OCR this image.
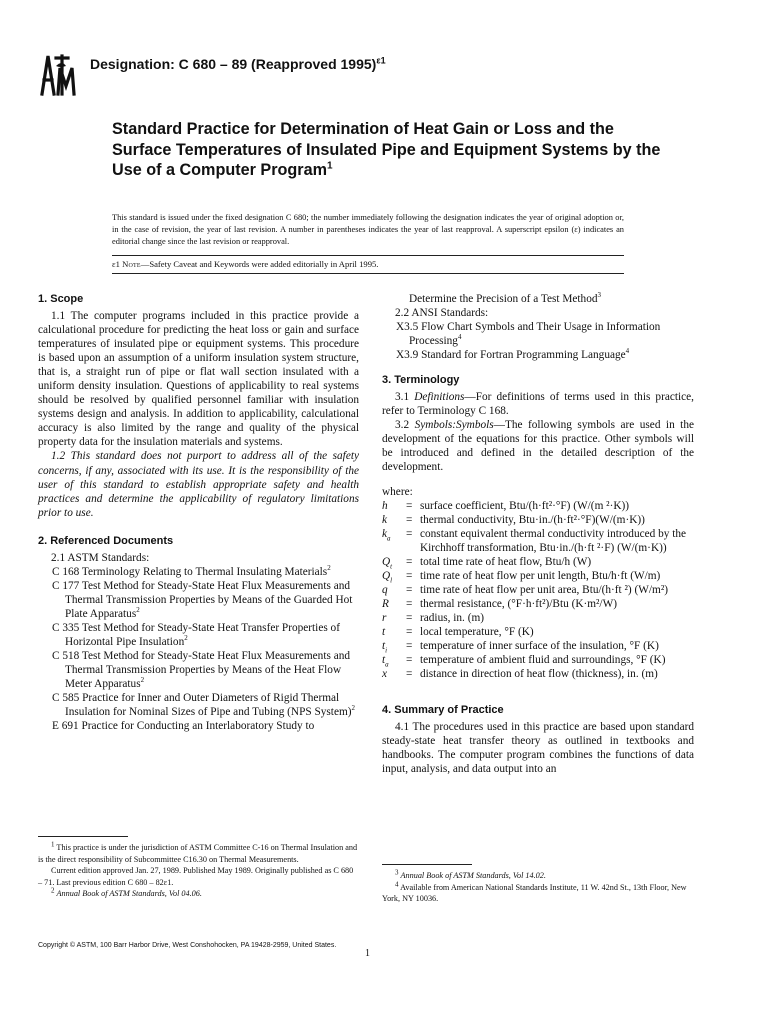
Designation: C 680 – 89 (Reapproved 1995)$^{\varepsilon 1}$
Standard Practice for Determination of Heat Gain or Loss and the Surface Temperatures of Insulated Pipe and Equipment Systems by the Use of a Computer Program$^1$
This standard is issued under the fixed designation C 680; the number immediately following the designation indicates the year of original adoption or, in the case of revision, the year of last revision. A number in parentheses indicates the year of last reapproval. A superscript epsilon (ε) indicates an editorial change since the last revision or reapproval.
ε1 Note—Safety Caveat and Keywords were added editorially in April 1995.
1. Scope

1.1 The computer programs included in this practice provide a calculational procedure for predicting the heat loss or gain and surface temperatures of insulated pipe or equipment systems. This procedure is based upon an assumption of a uniform insulation system structure, that is, a straight run of pipe or flat wall section insulated with a uniform density insulation. Questions of applicability to real systems should be resolved by qualified personnel familiar with insulation systems design and analysis. In addition to applicability, calculational accuracy is also limited by the range and quality of the physical property data for the insulation materials and systems.

1.2 This standard does not purport to address all of the safety concerns, if any, associated with its use. It is the responsibility of the user of this standard to establish appropriate safety and health practices and determine the applicability of regulatory limitations prior to use.

2. Referenced Documents

2.1 ASTM Standards:

C 168 Terminology Relating to Thermal Insulating Materials$^2$

C 177 Test Method for Steady-State Heat Flux Measurements and Thermal Transmission Properties by Means of the Guarded Hot Plate Apparatus$^2$

C 335 Test Method for Steady-State Heat Transfer Properties of Horizontal Pipe Insulation$^2$

C 518 Test Method for Steady-State Heat Flux Measurements and Thermal Transmission Properties by Means of the Heat Flow Meter Apparatus$^2$

C 585 Practice for Inner and Outer Diameters of Rigid Thermal Insulation for Nominal Sizes of Pipe and Tubing (NPS System)$^2$

E 691 Practice for Conducting an Interlaboratory Study to

Determine the Precision of a Test Method$^3$

2.2 ANSI Standards:

X3.5 Flow Chart Symbols and Their Usage in Information Processing$^4$

X3.9 Standard for Fortran Programming Language$^4$

3. Terminology

3.1 Definitions—For definitions of terms used in this practice, refer to Terminology C 168.

3.2 Symbols:Symbols—The following symbols are used in the development of the equations for this practice. Other symbols will be introduced and defined in the detailed description of the development.

where:

h	= surface coefficient, Btu/(h·ft²·°F) (W/(m ²·K))
k	= thermal conductivity, Btu·in./(h·ft²·°F)(W/(m·K))
$k_a$	= constant equivalent thermal conductivity introduced by the Kirchhoff transformation, Btu·in./(h·ft ²·F) (W/(m·K))
$Q_t$	= total time rate of heat flow, Btu/h (W)
$Q_l$	= time rate of heat flow per unit length, Btu/h·ft (W/m)
q	= time rate of heat flow per unit area, Btu/(h·ft ²) (W/m²)
R	= thermal resistance, (°F·h·ft²)/Btu (K·m²/W)
r	= radius, in. (m)
t	= local temperature, °F (K)
$t_i$	= temperature of inner surface of the insulation, °F (K)
$t_a$	= temperature of ambient fluid and surroundings, °F (K)
x	= distance in direction of heat flow (thickness), in. (m)
4. Summary of Practice

4.1 The procedures used in this practice are based upon standard steady-state heat transfer theory as outlined in textbooks and handbooks. The computer program combines the functions of data input, analysis, and data output into an

$^1$ This practice is under the jurisdiction of ASTM Committee C-16 on Thermal Insulation and is the direct responsibility of Subcommittee C16.30 on Thermal Measurements.

Current edition approved Jan. 27, 1989. Published May 1989. Originally published as C 680 – 71. Last previous edition C 680 – 82ε1.

$^2$ Annual Book of ASTM Standards, Vol 04.06.

$^3$ Annual Book of ASTM Standards, Vol 14.02.

$^4$ Available from American National Standards Institute, 11 W. 42nd St., 13th Floor, New York, NY 10036.

Copyright © ASTM, 100 Barr Harbor Drive, West Conshohocken, PA 19428-2959, United States.
1
